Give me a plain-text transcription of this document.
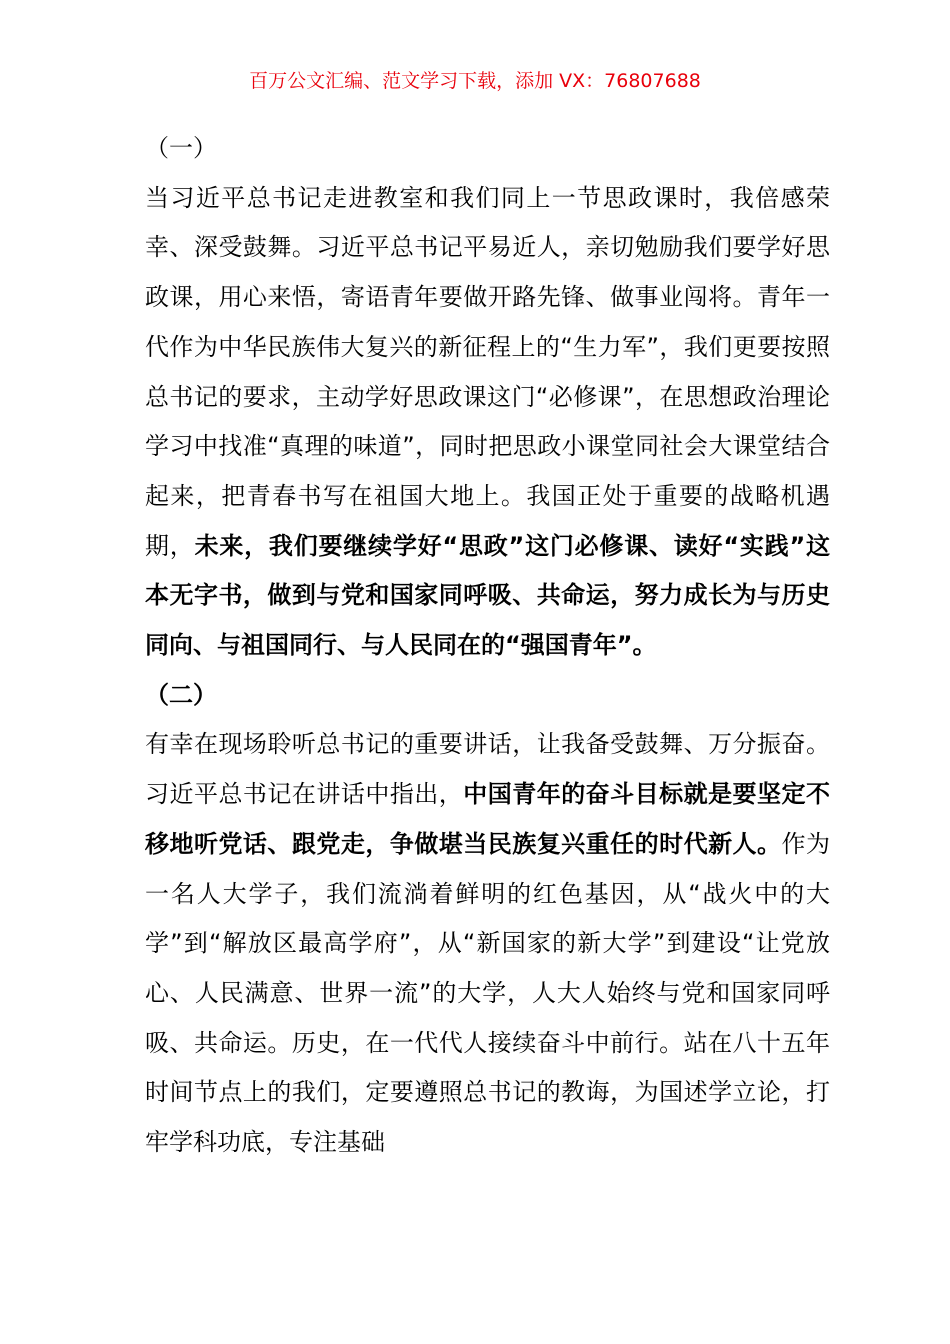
百万公文汇编、范文学习下载，添加 VX：76807688

（一）

当习近平总书记走进教室和我们同上一节思政课时，我倍感荣幸、深受鼓舞。习近平总书记平易近人，亲切勉励我们要学好思政课，用心来悟，寄语青年要做开路先锋、做事业闯将。青年一代作为中华民族伟大复兴的新征程上的“生力军”，我们更要按照总书记的要求，主动学好思政课这门“必修课”，在思想政治理论学习中找准“真理的味道”，同时把思政小课堂同社会大课堂结合起来，把青春书写在祖国大地上。我国正处于重要的战略机遇期，未来，我们要继续学好“思政”这门必修课、读好“实践”这本无字书，做到与党和国家同呼吸、共命运，努力成长为与历史同向、与祖国同行、与人民同在的“强国青年”。

（二）

有幸在现场聆听总书记的重要讲话，让我备受鼓舞、万分振奋。习近平总书记在讲话中指出，中国青年的奋斗目标就是要坚定不移地听党话、跟党走，争做堪当民族复兴重任的时代新人。作为一名人大学子，我们流淌着鲜明的红色基因，从“战火中的大学”到“解放区最高学府”，从“新国家的新大学”到建设“让党放心、人民满意、世界一流”的大学，人大人始终与党和国家同呼吸、共命运。历史，在一代代人接续奋斗中前行。站在八十五年时间节点上的我们，定要遵照总书记的教诲，为国述学立论，打牢学科功底，专注基础
